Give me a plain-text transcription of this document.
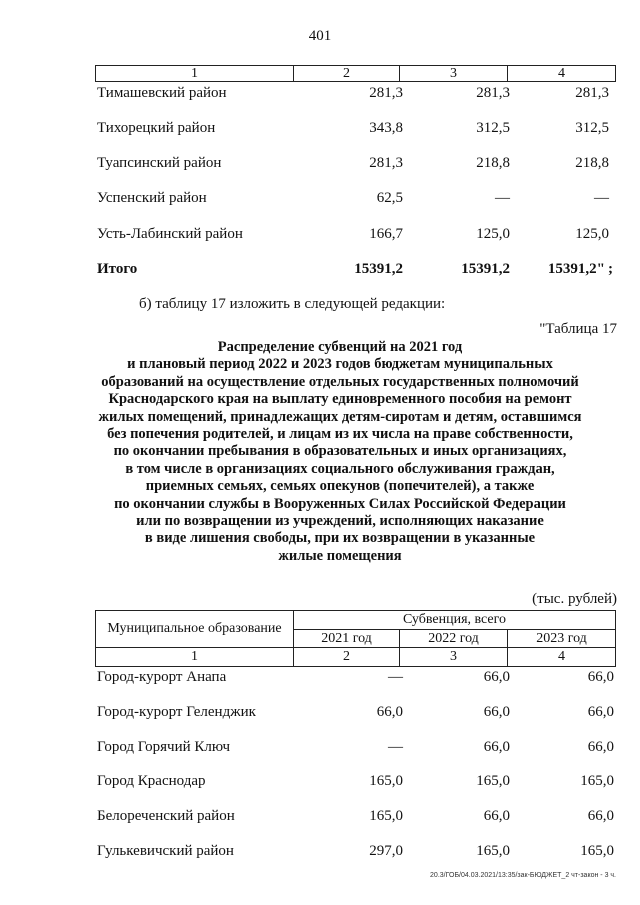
401
1	2	3	4
Тимашевский район	281,3	281,3	281,3
Тихорецкий район	343,8	312,5	312,5
Туапсинский район	281,3	218,8	218,8
Успенский район	62,5	—	—
Усть-Лабинский район	166,7	125,0	125,0
Итого	15391,2	15391,2	15391,2" ;
б) таблицу 17 изложить в следующей редакции:
"Таблица 17
Распределение субвенций на 2021 год
и плановый период 2022 и 2023 годов бюджетам муниципальных
образований на осуществление отдельных государственных полномочий
Краснодарского края на выплату единовременного пособия на ремонт
жилых помещений, принадлежащих детям-сиротам и детям, оставшимся
без попечения родителей, и лицам из их числа на праве собственности,
по окончании пребывания в образовательных и иных организациях,
в том числе в организациях социального обслуживания граждан,
приемных семьях, семьях опекунов (попечителей), а также
по окончании службы в Вооруженных Силах Российской Федерации
или по возвращении из учреждений, исполняющих наказание
в виде лишения свободы, при их возвращении в указанные
жилые помещения
(тыс. рублей)
Муниципальное образование
Субвенция, всего
2021 год	2022 год	2023 год
1	2	3	4
Город-курорт Анапа	—	66,0	66,0
Город-курорт Геленджик	66,0	66,0	66,0
Город Горячий Ключ	—	66,0	66,0
Город Краснодар	165,0	165,0	165,0
Белореченский район	165,0	66,0	66,0
Гулькевичский район	297,0	165,0	165,0
20.3/ГОБ/04.03.2021/13:35/зак-БЮДЖЕТ_2 чт-закон - 3 ч.
